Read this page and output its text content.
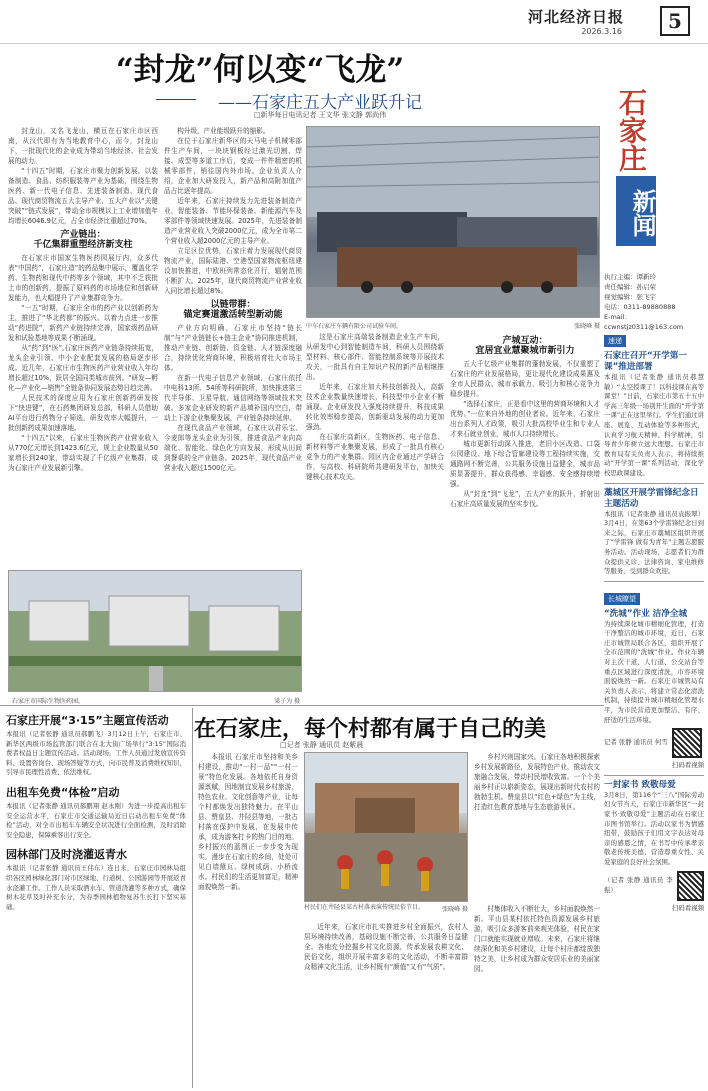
河北经济日报
2026.3.16	5
“封龙”何以变“飞龙”
——石家庄五大产业跃升记
□新华每日电讯记者 王文华 张文静 郭尚伟

封龙山，又名飞龙山，横亘在石家庄市区西南，从汉代即有为当地教育中心，而今，封龙山下，一批现代化的企业成为带动当地经济、社会发展的动力。

“十四五”时期，石家庄市聚力创新发展，以装备制造、食品、纺织服装等产业为基础，围绕生物医药、新一代电子信息、先进装备制造、现代食品、现代商贸物流五大主导产业，五大产业以“关键突破”“链式发展”，带动全市规模以上工业增加值年均增长6046.9亿元，占全市经济比重超过70%。

产业链出：
千亿集群重塑经济新支柱

在石家庄市国家生物医药园展厅内，众多代表“中国药”，石家庄造”的药品集中展示，覆盖化学药、生物药和现代中药等多个领域，其中不乏获批上市的创新药，提振了原料药的市场地位和创新研发能力，也大幅提升了产业集群竞争力。

“一五”时期，石家庄全市的药产业以创新药为主，推进了“华北药都”的振兴。以着力点进一步推动“药进院”，新药产业链持续完善，国家级药品研发和试验基地等成果不断涌现。

从“药”到“医”,石家庄医药产业链条持续拓宽，龙头企业引领、中小企业配套发展的格局逐步形成。近几年，石家庄市生物医药产业营业收入年均增长超过10%，跃居全国同类城市前列。“研发—孵化—产业化—销售”全链条协同发展态势日趋完善。

人民技术的深度应用为石家庄创新药研发按下“快进键”，在石药集团研发总部，科研人员借助AI平台进行药物分子筛选，研发效率大幅提升，一批创新药成果加速落地。

“十四五”以来，石家庄生物医药产业营业收入从770亿元增长到1423.6亿元，规上企业数量从50家增长到240家，带动实现了千亿级产业集群，成为石家庄产业发展新引擎。

构升级，产业能级跃升的缩影。

在位于石家庄新华区的天马电子机械零部件生产车间，一块块钢板经过激光切割、焊接、成型等多道工序后，变成一件件精密的机械零部件，销往国内外市场。企业负责人介绍，企业加大研发投入，新产品和高附加值产品占比逐年提高。

近年来，石家庄持续发力先进装备制造产业，智能装备、节能环保装备、新能源汽车及零部件等领域快速发展。2025年，先进装备制造产业营业收入突破2000亿元，成为全市第二个营业收入超2000亿元的主导产业。

立足区位优势，石家庄着力发展现代商贸物流产业，国际陆港、空港型国家物流枢纽建设加快推进，中欧班列常态化开行，辐射范围不断扩大。2025年，现代商贸物流产业营业收入同比增长超过8%。

以链带群：
锚定赛道激活转型新动能

产业方向明确，石家庄市坚持“链长制”与“产业链链长+链主企业”协同推进机制，推动产业链、创新链、资金链、人才链深度融合，持续优化营商环境，积极培育壮大市场主体。

在新一代电子信息产业领域，石家庄依托中电科13所、54所等科研院所，加快推进第三代半导体、卫星导航、通信网络等领域技术突破。多家企业研发的新产品填补国内空白，带动上下游企业集聚发展，产业链条持续延伸。

在现代食品产业领域，石家庄以君乐宝、今麦郎等龙头企业为引领，推进食品产业向高端化、智能化、绿色化方向发展，形成从田间到餐桌的全产业链条。2025年，现代食品产业营业收入超过1500亿元。

中车石家庄车辆有限公司试验车间。	张晓峰 摄

这是石家庄高端装备制造企业生产车间，从研发中心到智能制造车间，科研人员围绕新型材料、核心部件、智能控制系统等开展技术攻关，一批具有自主知识产权的新产品相继推出。

近年来，石家庄加大科技创新投入，高新技术企业数量快速增长，科技型中小企业不断涌现。企业研发投入强度持续提升，科技成果转化效率稳步提高，创新驱动发展的动力更加强劲。

在石家庄高新区，生物医药、电子信息、新材料等产业集聚发展，形成了一批具有核心竞争力的产业集群。园区内企业通过产学研合作，与高校、科研院所共建研发平台，加快关键核心技术攻关。

产城互动：
宜居宜业慧聚城市新引力

五大千亿级产业集群的蓬勃发展，不仅重塑了石家庄的产业发展格局，更让现代化建设成果惠及全市人民群众。城市承载力、吸引力和核心竞争力稳步提升。

“选择石家庄，正是看中这里的营商环境和人才优势。”一位来自外地的创业者说。近年来，石家庄出台系列人才政策，吸引大批高校毕业生和专业人才来石就业创业，城市人口持续增长。

城市更新行动深入推进，老旧小区改造、口袋公园建设、地下综合管廊建设等工程持续实施，交通路网不断完善，公共服务设施日益健全，城市品质显著提升，群众获得感、幸福感、安全感持续增强。

从“封龙”到“飞龙”，五大产业的跃升，折射出石家庄高质量发展的坚实步伐。

石家庄市国际生物医药园。	梁子为 摄
石家庄
新闻
执行主编：谭新玲
责任编辑：孙启荣
视觉编辑：张飞宇
电话：0311-89880888
E-mail：ccwnstjz0311@163.com
速递
石家庄召开“开学第一课”推进部署
本报讯（记者张静 通讯员郝慧敏）“太空授课了！以科技课在高等课堂！”日前，石家庄市第五十五中学高三年级一场别开生面的“开学第一课”正在这里举行。学生们通过讲座、展览、互动体验等多种形式，认真学习航天精神、科学精神，引导青少年树立远大理想。石家庄市教育局有关负责人表示，将持续推动“开学第一课”系列活动，深化学校思政课建设。
藁城区开展学雷锋纪念日主题活动
本报讯（记者张静 通讯员袁振翠）3月4日，在第63个学雷锋纪念日到来之际，石家庄市藁城区组织开展了“学雷锋 做有为青年”主题志愿服务活动。活动现场，志愿者们为群众提供义诊、法律咨询、家电维修等服务，受到群众欢迎。
长城瞭望
“洗城”作业 洁净全城
为持续深化城市精细化管理，打造干净整洁的城市环境，近日，石家庄市城管局联合各区，组织开展了全市范围的“洗城”作业。作业车辆对主次干道、人行道、公交站台等重点区域进行深度清洗，市容环境面貌焕然一新。石家庄市城管局有关负责人表示，将建立常态化清洗机制，持续提升城市精细化管理水平，为市民营造更加整洁、有序、舒适的生活环境。
记者 张静 通讯员 何雪
扫码看视频
一封家书 致敬母爱
3月8日，第116个“三八”国际劳动妇女节当天，石家庄市新华区“一封家书·致敬母爱”主题活动在石家庄市图书馆举行。活动以家书为情感纽带，鼓励孩子们用文字表达对母亲的感恩之情，在书写中传承孝亲敬老传统美德，营造尊重女性、关爱家庭的良好社会氛围。
（记者 张静 通讯员 李振）
扫码看视频
石家庄开展“3·15”主题宣传活动
本报讯（记者张静 通讯员郝鹏飞）3月12日上午，石家庄市、新华区两级市场监管部门联合在北大街广场举行“3·15”国际消费者权益日主题宣传活动。活动现场，工作人员通过发放宣传资料、设置咨询台、现场答疑等方式，向市民普及消费维权知识，引导市民理性消费、依法维权。
出租车免费“体检”启动
本报讯（记者张静 通讯员郝鹏翔 赵永刚）为进一步提高出租车安全运营水平，石家庄市交通运输局近日启动出租车免费“体检”活动，对全市出租车车辆安全状况进行全面检测，及时消除安全隐患，保障乘客出行安全。
园林部门及时浇灌返青水
本报讯（记者张静 通讯员王伟东）连日来，石家庄市园林局组织各区园林绿化部门对市区绿地、行道树、公园游园等开展返青水浇灌工作。工作人员采取洒水车、管道浇灌等多种方式，确保树木花草及时补充水分，为春季园林植物复苏生长打下坚实基础。
在石家庄，每个村都有属于自己的美
□记者 张静 通讯员 赵紫晨

本报讯 石家庄市坚持和美乡村建设，推动“一村一品”“一村一景”特色化发展。各地依托自身资源禀赋，因地制宜发展乡村旅游、特色农业、文化创意等产业，让每个村都焕发出独特魅力。在平山县、赞皇县、井陉县等地，一批古村落在保护中发展，在发展中传承，成为游客打卡的热门目的地。乡村振兴的蓝图正一步步变为现实。漫步在石家庄的乡间，处处可见白墙黛瓦、绿树成荫、小桥流水。村民们的生活更加富足，精神面貌焕然一新。

村民们在井陉县某古村落表演传统民俗节目。	张晓峰 摄

近年来，石家庄市扎实推进乡村全面振兴，农村人居环境持续改善，基础设施不断完善，公共服务日益健全。各地充分挖掘乡村文化资源，传承发展农耕文化、民俗文化，组织开展丰富多彩的文化活动，不断丰富群众精神文化生活，让乡村既有“颜值”又有“气质”。

乡村兴则国家兴。石家庄各地积极探索乡村发展新路径，发展特色产业，推动农文旅融合发展，带动村民增收致富。一个个美丽乡村正以崭新姿态，展现出新时代农村的勃勃生机。赞皇县以“红色+绿色”为主线，打造红色教育基地与生态旅游景区。

村集体收入不断壮大，乡村面貌焕然一新。平山县某村依托特色资源发展乡村旅游，吸引众多游客前来观光体验，村民在家门口就能实现就业增收。未来，石家庄将继续深化和美乡村建设，让每个村庄都绽放独特之美，让乡村成为群众安居乐业的美丽家园。
